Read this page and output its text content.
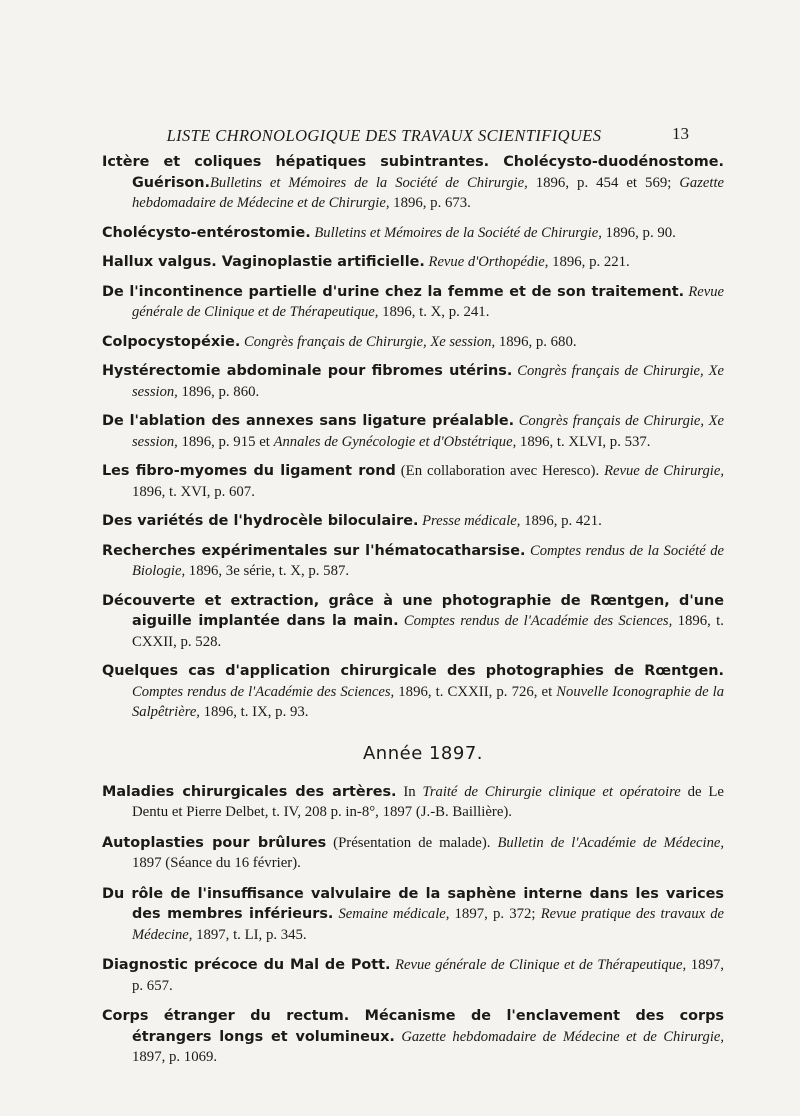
LISTE CHRONOLOGIQUE DES TRAVAUX SCIENTIFIQUES	13
Ictère et coliques hépatiques subintrantes. Cholécysto-duodénostome. Guérison.Bulletins et Mémoires de la Société de Chirurgie, 1896, p. 454 et 569; Gazette hebdomadaire de Médecine et de Chirurgie, 1896, p. 673.
Cholécysto-entérostomie. Bulletins et Mémoires de la Société de Chirurgie, 1896, p. 90.
Hallux valgus. Vaginoplastie artificielle. Revue d'Orthopédie, 1896, p. 221.
De l'incontinence partielle d'urine chez la femme et de son traitement. Revue générale de Clinique et de Thérapeutique, 1896, t. X, p. 241.
Colpocystopéxie. Congrès français de Chirurgie, Xe session, 1896, p. 680.
Hystérectomie abdominale pour fibromes utérins. Congrès français de Chirurgie, Xe session, 1896, p. 860.
De l'ablation des annexes sans ligature préalable. Congrès français de Chirurgie, Xe session, 1896, p. 915 et Annales de Gynécologie et d'Obstétrique, 1896, t. XLVI, p. 537.
Les fibro-myomes du ligament rond (En collaboration avec Heresco). Revue de Chirurgie, 1896, t. XVI, p. 607.
Des variétés de l'hydrocèle biloculaire. Presse médicale, 1896, p. 421.
Recherches expérimentales sur l'hématocatharsise. Comptes rendus de la Société de Biologie, 1896, 3e série, t. X, p. 587.
Découverte et extraction, grâce à une photographie de Rœntgen, d'une aiguille implantée dans la main. Comptes rendus de l'Académie des Sciences, 1896, t. CXXII, p. 528.
Quelques cas d'application chirurgicale des photographies de Rœntgen. Comptes rendus de l'Académie des Sciences, 1896, t. CXXII, p. 726, et Nouvelle Iconographie de la Salpêtrière, 1896, t. IX, p. 93.
Année 1897.
Maladies chirurgicales des artères. In Traité de Chirurgie clinique et opératoire de Le Dentu et Pierre Delbet, t. IV, 208 p. in-8°, 1897 (J.-B. Baillière).
Autoplasties pour brûlures (Présentation de malade). Bulletin de l'Académie de Médecine, 1897 (Séance du 16 février).
Du rôle de l'insuffisance valvulaire de la saphène interne dans les varices des membres inférieurs. Semaine médicale, 1897, p. 372; Revue pratique des travaux de Médecine, 1897, t. LI, p. 345.
Diagnostic précoce du Mal de Pott. Revue générale de Clinique et de Thérapeutique, 1897, p. 657.
Corps étranger du rectum. Mécanisme de l'enclavement des corps étrangers longs et volumineux. Gazette hebdomadaire de Médecine et de Chirurgie, 1897, p. 1069.
